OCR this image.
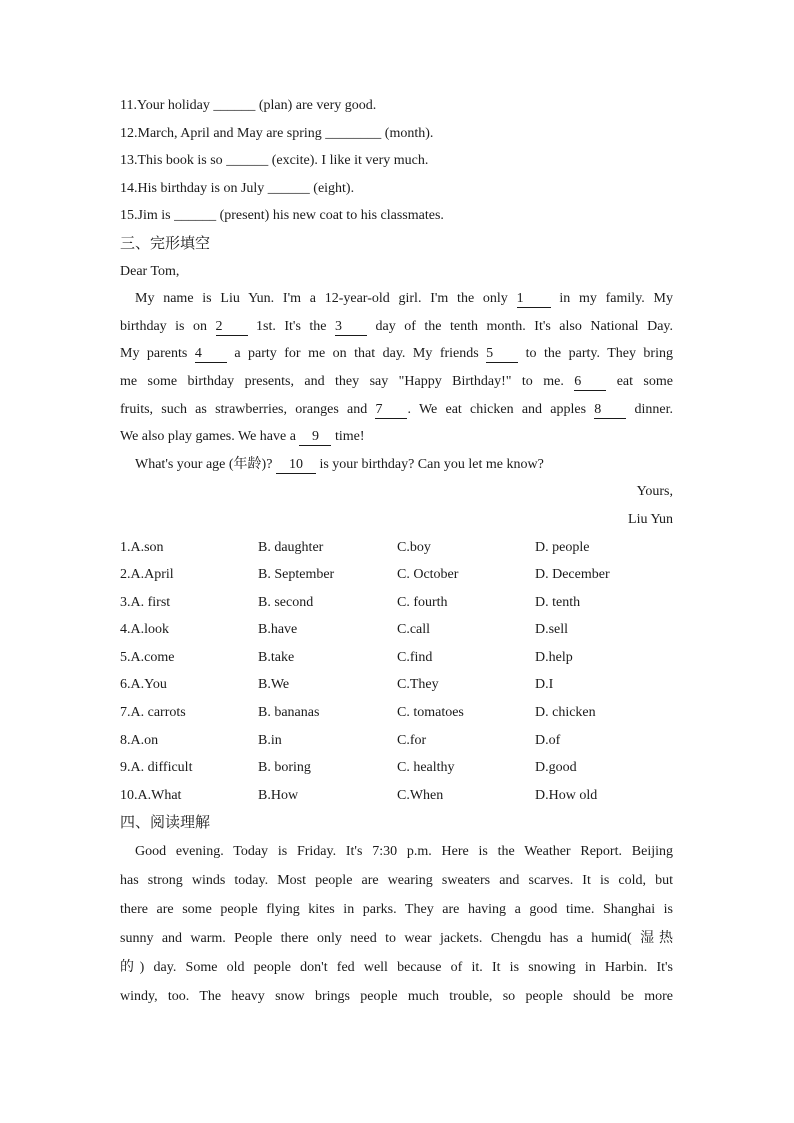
11.Your holiday ______ (plan) are very good.
12.March, April and May are spring ________ (month).
13.This book is so ______ (excite). I like it very much.
14.His birthday is on July ______ (eight).
15.Jim is ______ (present) his new coat to his classmates.
三、完形填空
Dear Tom,
My name is Liu Yun. I'm a 12-year-old girl. I'm the only 1 in my family. My
birthday is on 2 1st. It's the 3 day of the tenth month. It's also National Day.
My parents 4 a party for me on that day. My friends 5 to the party. They bring
me some birthday presents, and they say "Happy Birthday!" to me. 6 eat some
fruits, such as strawberries, oranges and 7 . We eat chicken and apples 8 dinner.
We also play games. We have a 9 time!
What's your age (年龄)? 10 is your birthday? Can you let me know?
Yours,
Liu Yun
1.A.son	B. daughter	C.boy	D. people
2.A.April	B. September	C. October	D. December
3.A. first	B. second	C. fourth	D. tenth
4.A.look	B.have	C.call	D.sell
5.A.come	B.take	C.find	D.help
6.A.You	B.We	C.They	D.I
7.A. carrots	B. bananas	C. tomatoes	D. chicken
8.A.on	B.in	C.for	D.of
9.A. difficult	B. boring	C. healthy	D.good
10.A.What	B.How	C.When	D.How old
四、阅读理解
Good evening. Today is Friday. It's 7:30 p.m. Here is the Weather Report. Beijing
has strong winds today. Most people are wearing sweaters and scarves. It is cold, but
there are some people flying kites in parks. They are having a good time. Shanghai is
sunny and warm. People there only need to wear jackets. Chengdu has a humid( 湿热
的) day. Some old people don't fed well because of it. It is snowing in Harbin. It's
windy, too. The heavy snow brings people much trouble, so people should be more
